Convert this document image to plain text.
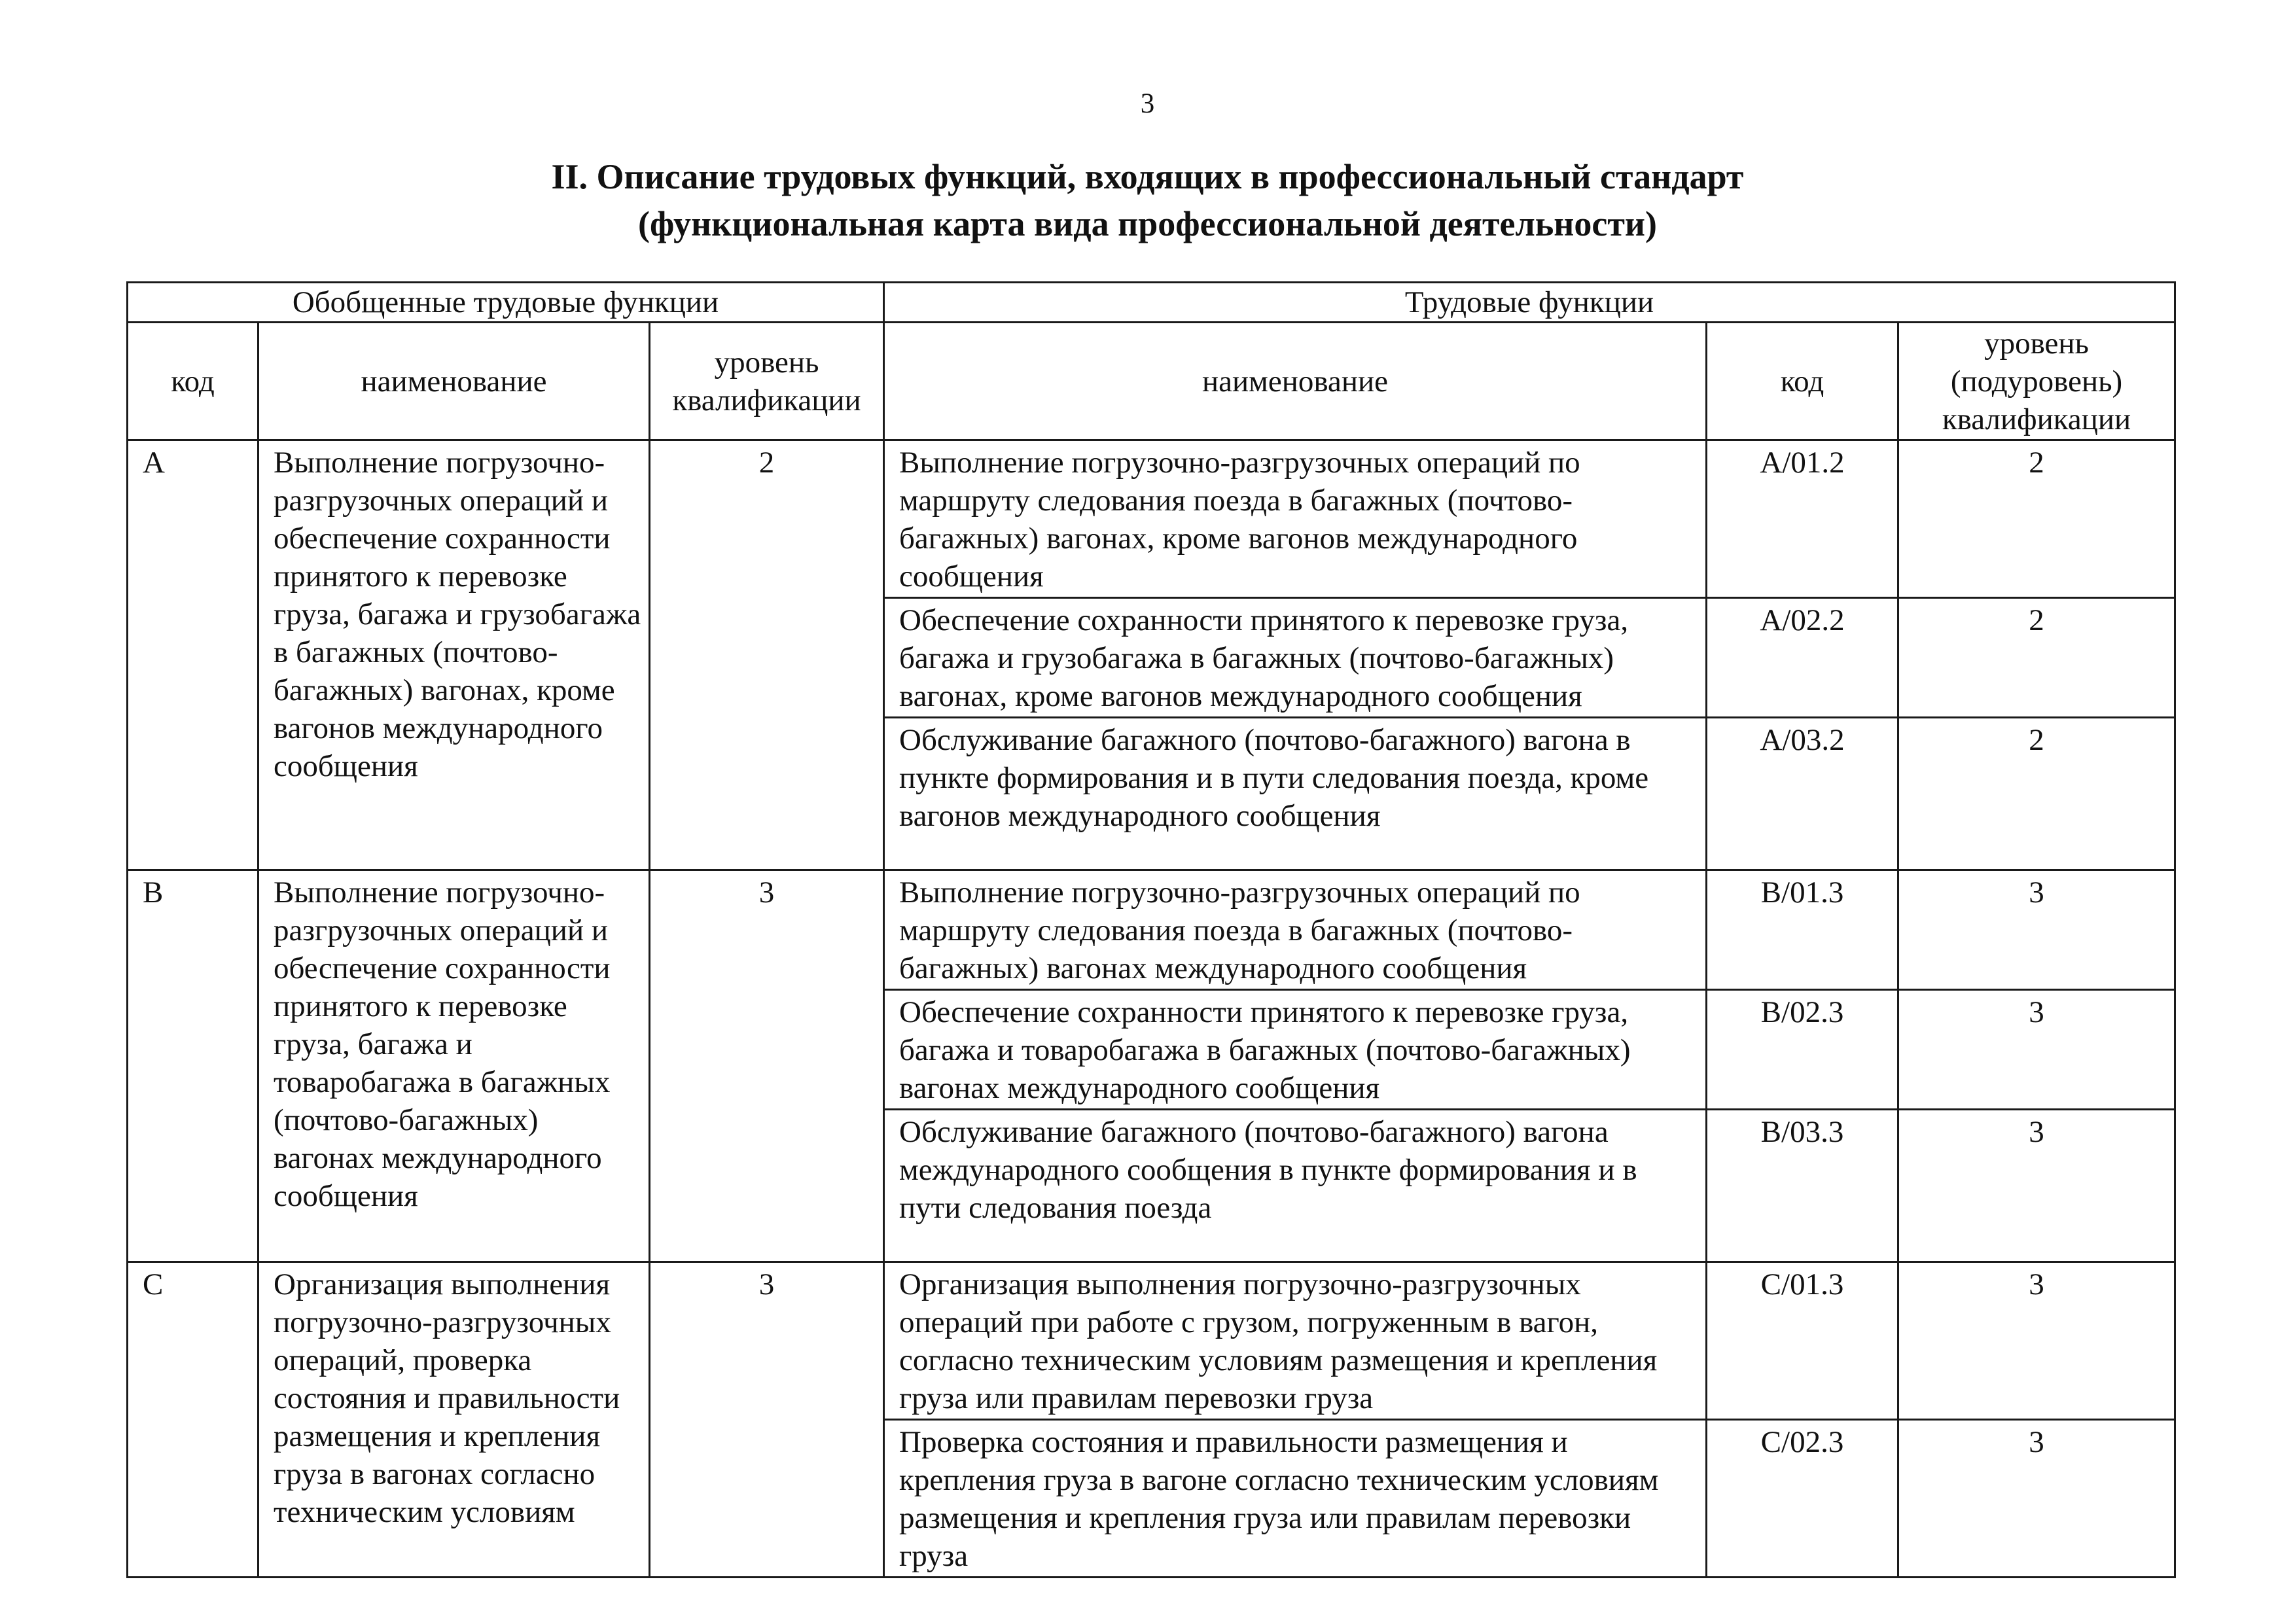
3
II. Описание трудовых функций, входящих в профессиональный стандарт
(функциональная карта вида профессиональной деятельности)
Обобщенные трудовые функции			Трудовые функции		
код	наименование	уровень квалификации	наименование	код	уровень (подуровень) квалификации
A	Выполнение погрузочно-разгрузочных операций и обеспечение сохранности принятого к перевозке груза, багажа и грузобагажа в багажных (почтово-багажных) вагонах, кроме вагонов международного сообщения	2	Выполнение погрузочно-разгрузочных операций по маршруту следования поезда в багажных (почтово-багажных) вагонах, кроме вагонов международного сообщения	A/01.2	2
			Обеспечение сохранности принятого к перевозке груза, багажа и грузобагажа в багажных (почтово-багажных) вагонах, кроме вагонов международного сообщения	A/02.2	2
			Обслуживание багажного (почтово-багажного) вагона в пункте формирования и в пути следования поезда, кроме вагонов международного сообщения	A/03.2	2
B	Выполнение погрузочно-разгрузочных операций и обеспечение сохранности принятого к перевозке груза, багажа и товаробагажа в багажных (почтово-багажных) вагонах международного сообщения	3	Выполнение погрузочно-разгрузочных операций по маршруту следования поезда в багажных (почтово-багажных) вагонах международного сообщения	B/01.3	3
			Обеспечение сохранности принятого к перевозке груза, багажа и товаробагажа в багажных (почтово-багажных) вагонах международного сообщения	B/02.3	3
			Обслуживание багажного (почтово-багажного) вагона международного сообщения в пункте формирования и в пути следования поезда	B/03.3	3
C	Организация выполнения погрузочно-разгрузочных операций, проверка состояния и правильности размещения и крепления груза в вагонах согласно техническим условиям	3	Организация выполнения погрузочно-разгрузочных операций при работе с грузом, погруженным в вагон, согласно техническим условиям размещения и крепления груза или правилам перевозки груза	C/01.3	3
			Проверка состояния и правильности размещения и крепления груза в вагоне согласно техническим условиям размещения и крепления груза или правилам перевозки груза	C/02.3	3
